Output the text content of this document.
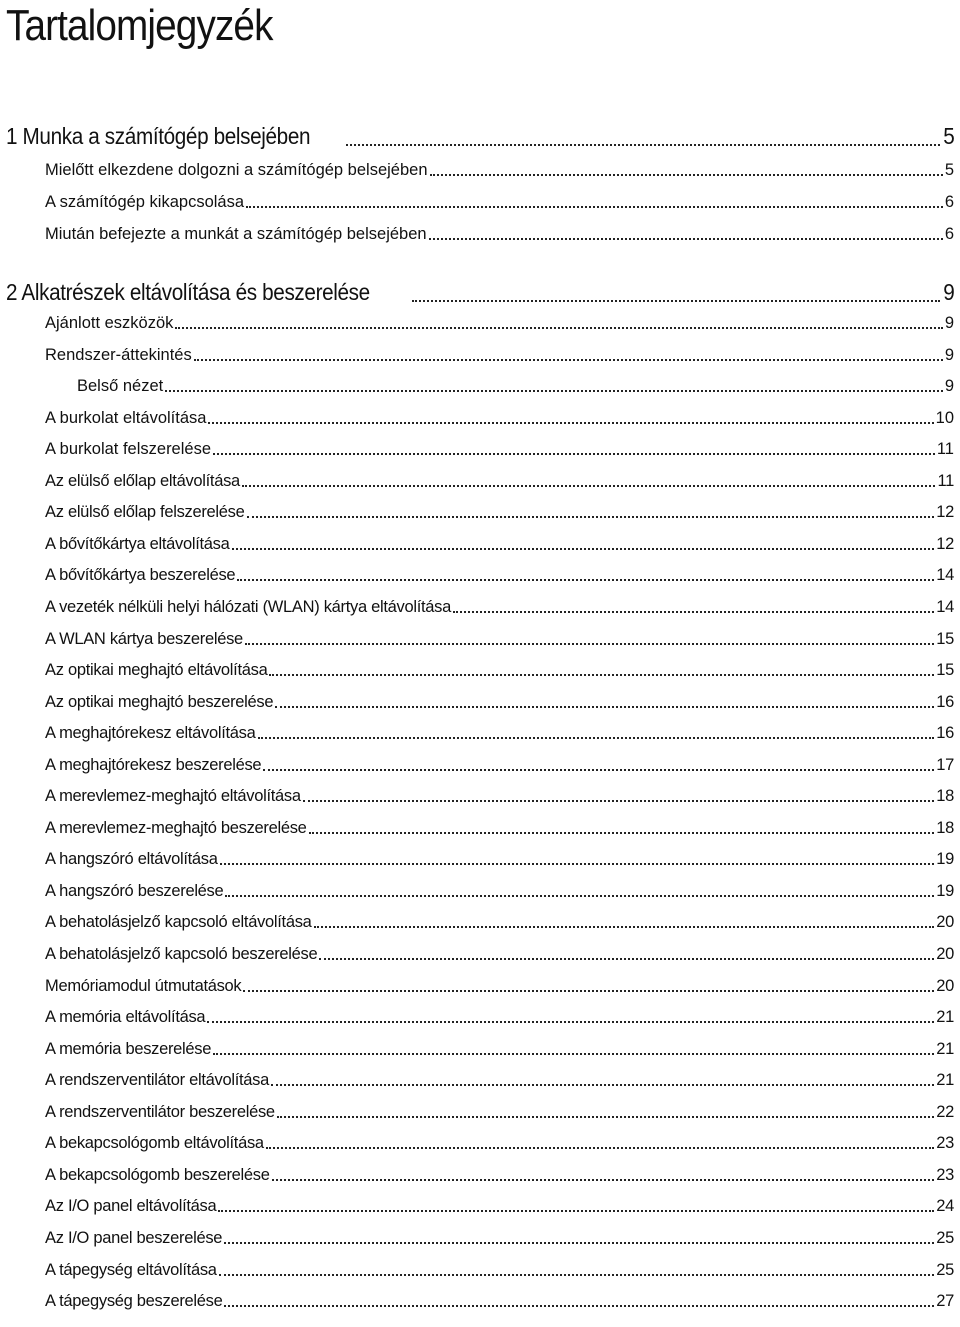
Tartalomjegyzék
1 Munka a számítógép belsejében	5
Mielőtt elkezdene dolgozni a számítógép belsejében	5
A számítógép kikapcsolása	6
Miután befejezte a munkát a számítógép belsejében	6
2 Alkatrészek eltávolítása és beszerelése	9
Ajánlott eszközök	9
Rendszer-áttekintés	9
Belső nézet	9
A burkolat eltávolítása	10
A burkolat felszerelése	11
Az elülső előlap eltávolítása	11
Az elülső előlap felszerelése	12
A bővítőkártya eltávolítása	12
A bővítőkártya beszerelése	14
A vezeték nélküli helyi hálózati (WLAN) kártya eltávolítása	14
A WLAN kártya beszerelése	15
Az optikai meghajtó eltávolítása	15
Az optikai meghajtó beszerelése	16
A meghajtórekesz eltávolítása	16
A meghajtórekesz beszerelése	17
A merevlemez-meghajtó eltávolítása	18
A merevlemez-meghajtó beszerelése	18
A hangszóró eltávolítása	19
A hangszóró beszerelése	19
A behatolásjelző kapcsoló eltávolítása	20
A behatolásjelző kapcsoló beszerelése	20
Memóriamodul útmutatások	20
A memória eltávolítása	21
A memória beszerelése	21
A rendszerventilátor eltávolítása	21
A rendszerventilátor beszerelése	22
A bekapcsológomb eltávolítása	23
A bekapcsológomb beszerelése	23
Az I/O panel eltávolítása	24
Az I/O panel beszerelése	25
A tápegység eltávolítása	25
A tápegység beszerelése	27
